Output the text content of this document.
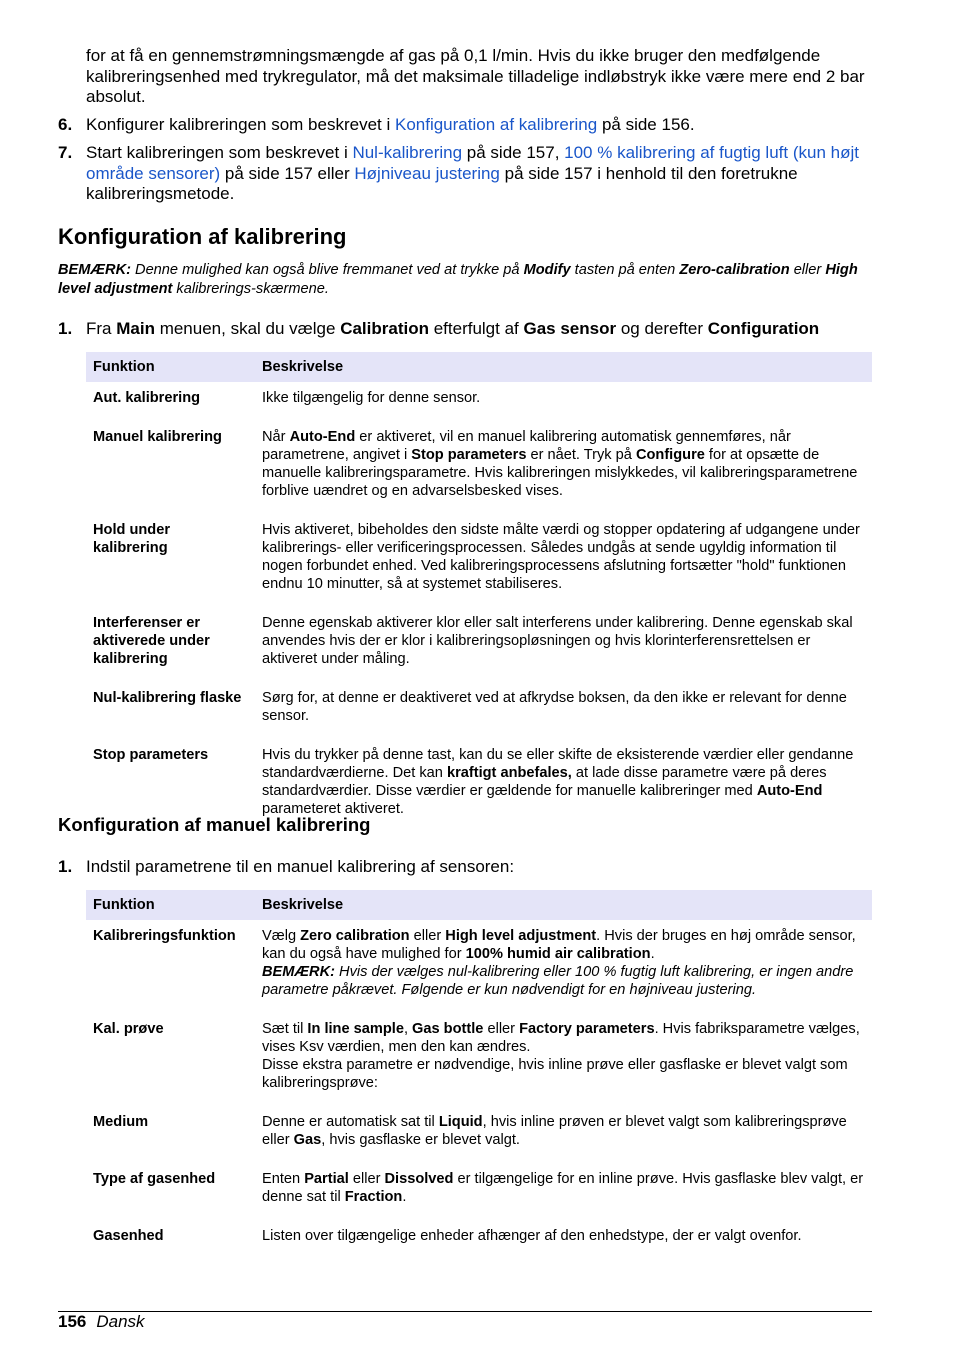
for at få en gennemstrømningsmængde af gas på 0,1 l/min. Hvis du ikke bruger den medfølgende kalibreringsenhed med trykregulator, må det maksimale tilladelige indløbstryk ikke være mere end 2 bar absolut.
6. Konfigurer kalibreringen som beskrevet i Konfiguration af kalibrering på side 156.
7. Start kalibreringen som beskrevet i Nul-kalibrering på side 157, 100 % kalibrering af fugtig luft (kun højt område sensorer) på side 157 eller Højniveau justering på side 157 i henhold til den foretrukne kalibreringsmetode.
Konfiguration af kalibrering
BEMÆRK: Denne mulighed kan også blive fremmanet ved at trykke på Modify tasten på enten Zero-calibration eller High level adjustment kalibrerings-skærmene.
1. Fra Main menuen, skal du vælge Calibration efterfulgt af Gas sensor og derefter Configuration
Funktion	Beskrivelse
Aut. kalibrering	Ikke tilgængelig for denne sensor.
Manuel kalibrering	Når Auto-End er aktiveret, vil en manuel kalibrering automatisk gennemføres, når parametrene, angivet i Stop parameters er nået. Tryk på Configure for at opsætte de manuelle kalibreringsparametre. Hvis kalibreringen mislykkedes, vil kalibreringsparametrene forblive uændret og en advarselsbesked vises.
Hold under kalibrering	Hvis aktiveret, bibeholdes den sidste målte værdi og stopper opdatering af udgangene under kalibrerings- eller verificeringsprocessen. Således undgås at sende ugyldig information til nogen forbundet enhed. Ved kalibreringsprocessens afslutning fortsætter "hold" funktionen endnu 10 minutter, så at systemet stabiliseres.
Interferenser er aktiverede under kalibrering	Denne egenskab aktiverer klor eller salt interferens under kalibrering. Denne egenskab skal anvendes hvis der er klor i kalibreringsopløsningen og hvis klorinterferensrettelsen er aktiveret under måling.
Nul-kalibrering flaske	Sørg for, at denne er deaktiveret ved at afkrydse boksen, da den ikke er relevant for denne sensor.
Stop parameters	Hvis du trykker på denne tast, kan du se eller skifte de eksisterende værdier eller gendanne standardværdierne. Det kan kraftigt anbefales, at lade disse parametre være på deres standardværdier. Disse værdier er gældende for manuelle kalibreringer med Auto-End parameteret aktiveret.
Konfiguration af manuel kalibrering
1. Indstil parametrene til en manuel kalibrering af sensoren:
Funktion	Beskrivelse
Kalibreringsfunktion	Vælg Zero calibration eller High level adjustment. Hvis der bruges en høj område sensor, kan du også have mulighed for 100% humid air calibration.
BEMÆRK: Hvis der vælges nul-kalibrering eller 100 % fugtig luft kalibrering, er ingen andre parametre påkrævet. Følgende er kun nødvendigt for en højniveau justering.
Kal. prøve	Sæt til In line sample, Gas bottle eller Factory parameters. Hvis fabriksparametre vælges, vises Ksv værdien, men den kan ændres.
Disse ekstra parametre er nødvendige, hvis inline prøve eller gasflaske er blevet valgt som kalibreringsprøve:
Medium	Denne er automatisk sat til Liquid, hvis inline prøven er blevet valgt som kalibreringsprøve eller Gas, hvis gasflaske er blevet valgt.
Type af gasenhed	Enten Partial eller Dissolved er tilgængelige for en inline prøve. Hvis gasflaske blev valgt, er denne sat til Fraction.
Gasenhed	Listen over tilgængelige enheder afhænger af den enhedstype, der er valgt ovenfor.
156 Dansk
